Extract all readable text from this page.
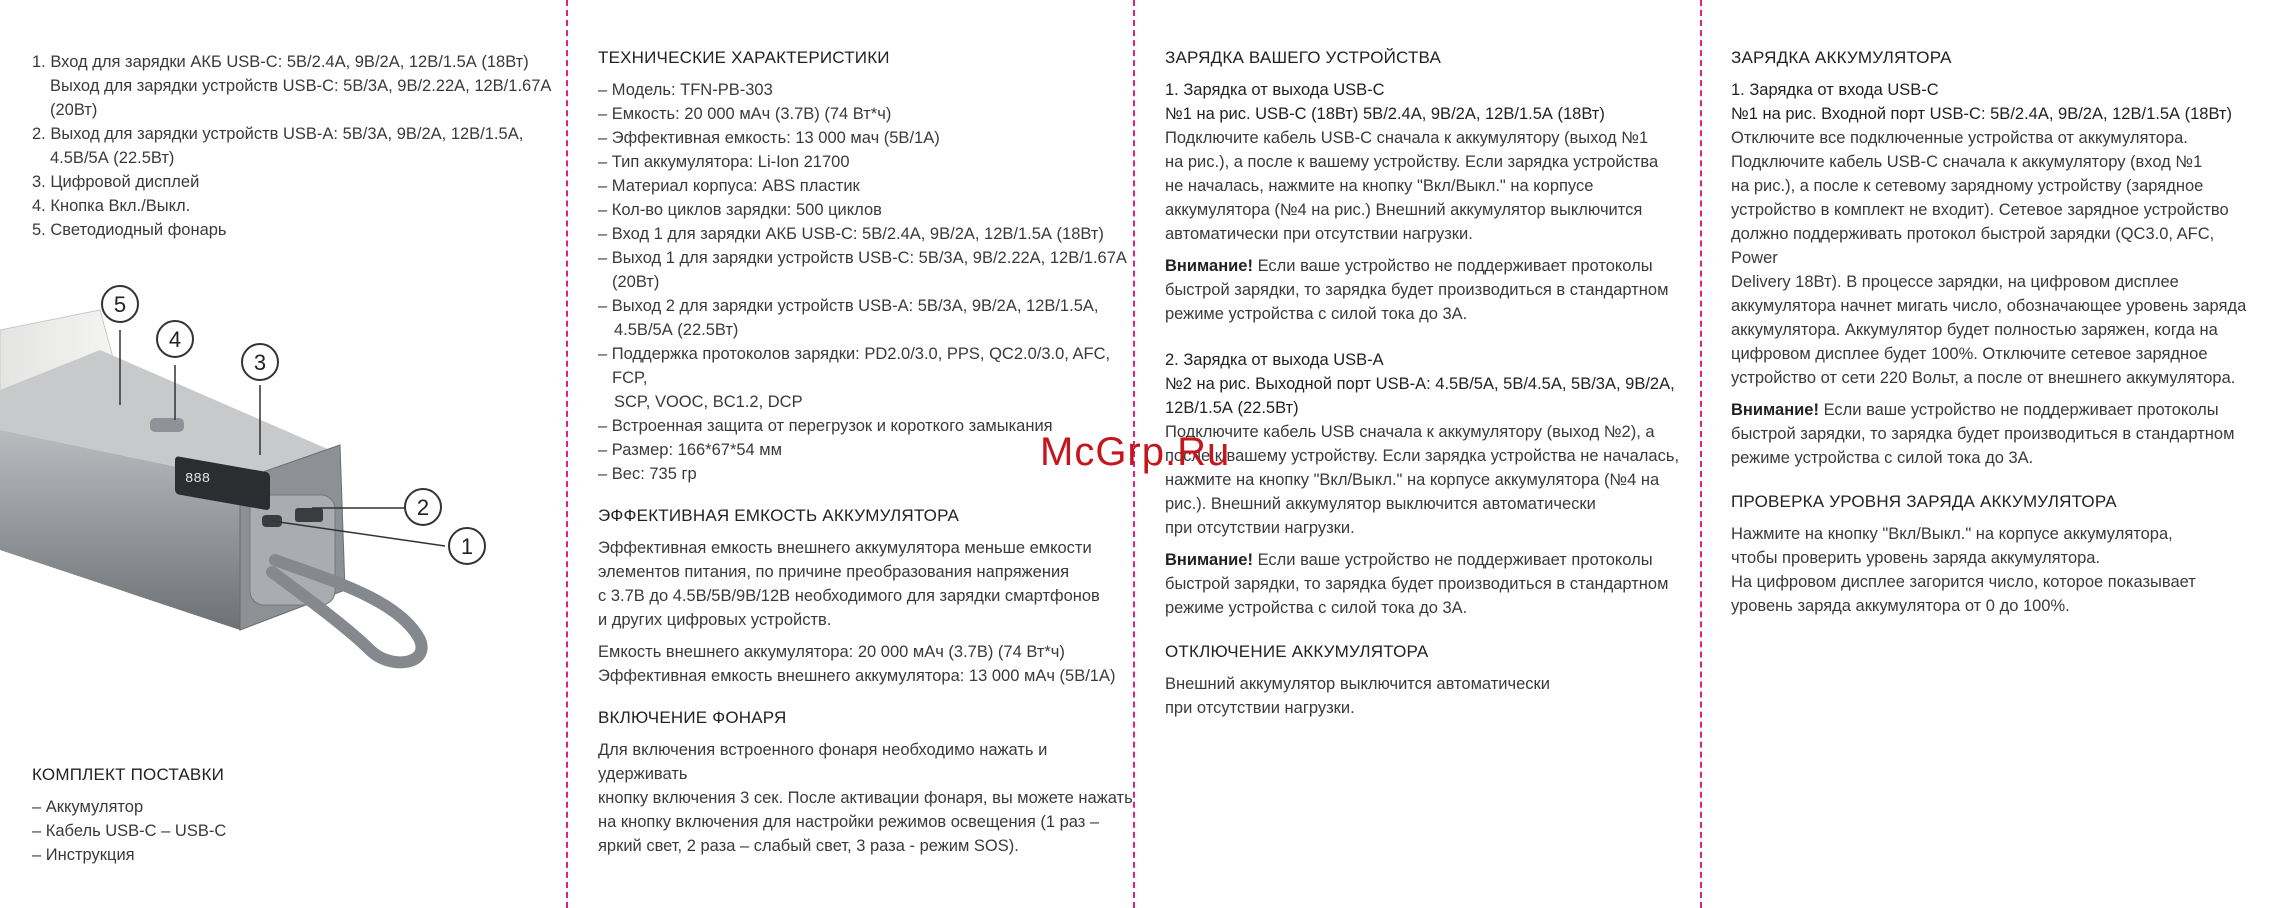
1. Вход для зарядки АКБ USB-C: 5В/2.4А, 9В/2А, 12В/1.5А (18Вт)
Выход для зарядки устройств USB-C: 5В/3А, 9В/2.22А, 12В/1.67А (20Вт)
2. Выход для зарядки устройств USB-A: 5В/3А, 9В/2А, 12В/1.5А,
4.5В/5А (22.5Вт)
3. Цифровой дисплей
4. Кнопка Вкл./Выкл.
5. Светодиодный фонарь
888
5
4
3
2
1
КОМПЛЕКТ ПОСТАВКИ
– Аккумулятор
– Кабель USB-C – USB-C
– Инструкция
ТЕХНИЧЕСКИЕ ХАРАКТЕРИСТИКИ
– Модель: TFN-PB-303
– Емкость: 20 000 мАч (3.7В) (74 Вт*ч)
– Эффективная емкость: 13 000 мач (5В/1А)
– Тип аккумулятора: Li-Ion 21700
– Материал корпуса: ABS пластик
– Кол-во циклов зарядки: 500 циклов
– Вход 1 для зарядки АКБ USB-C: 5В/2.4А, 9В/2А, 12В/1.5А (18Вт)
– Выход 1 для зарядки устройств USB-C: 5В/3А, 9В/2.22А, 12В/1.67А (20Вт)
– Выход 2 для зарядки устройств USB-A: 5В/3А, 9В/2А, 12В/1.5А,
4.5В/5А (22.5Вт)
– Поддержка протоколов зарядки: PD2.0/3.0, PPS, QC2.0/3.0, AFC, FCP,
SCP, VOOC, BC1.2, DCP
– Встроенная защита от перегрузок и короткого замыкания
– Размер: 166*67*54 мм
– Вес: 735 гр
ЭФФЕКТИВНАЯ ЕМКОСТЬ АККУМУЛЯТОРА

Эффективная емкость внешнего аккумулятора меньше емкости

элементов питания, по причине преобразования напряжения

с 3.7В до 4.5В/5В/9В/12В необходимого для зарядки смартфонов

и других цифровых устройств.

Емкость внешнего аккумулятора: 20 000 мАч (3.7В) (74 Вт*ч)

Эффективная емкость внешнего аккумулятора: 13 000 мАч (5В/1А)

ВКЛЮЧЕНИЕ ФОНАРЯ

Для включения встроенного фонаря необходимо нажать и удерживать

кнопку включения 3 сек. После активации фонаря, вы можете нажать

на кнопку включения для настройки режимов освещения (1 раз –

яркий свет, 2 раза – слабый свет, 3 раза - режим SOS).

ЗАРЯДКА ВАШЕГО УСТРОЙСТВА

1. Зарядка от выхода USB-C

№1 на рис. USB-C (18Вт) 5В/2.4А, 9В/2А, 12В/1.5А (18Вт)

Подключите кабель USB-C сначала к аккумулятору (выход №1

на рис.), а после к вашему устройству. Если зарядка устройства

не началась, нажмите на кнопку "Вкл/Выкл." на корпусе

аккумулятора (№4 на рис.) Внешний аккумулятор выключится

автоматически при отсутствии нагрузки.

Внимание! Если ваше устройство не поддерживает протоколы

быстрой зарядки, то зарядка будет производиться в стандартном

режиме устройства с силой тока до 3А.

2. Зарядка от выхода USB-A

№2 на рис. Выходной порт USB-A: 4.5В/5А, 5В/4.5А, 5В/3А, 9В/2А,

12В/1.5А (22.5Вт)

Подключите кабель USB сначала к аккумулятору (выход №2), а

после к вашему устройству. Если зарядка устройства не началась,

нажмите на кнопку "Вкл/Выкл." на корпусе аккумулятора (№4 на

рис.). Внешний аккумулятор выключится автоматически

при отсутствии нагрузки.

Внимание! Если ваше устройство не поддерживает протоколы

быстрой зарядки, то зарядка будет производиться в стандартном

режиме устройства с силой тока до 3А.

ОТКЛЮЧЕНИЕ АККУМУЛЯТОРА

Внешний аккумулятор выключится автоматически

при отсутствии нагрузки.

ЗАРЯДКА АККУМУЛЯТОРА

1. Зарядка от входа USB-C

№1 на рис. Входной порт USB-C: 5В/2.4А, 9В/2А, 12В/1.5А (18Вт)

Отключите все подключенные устройства от аккумулятора.

Подключите кабель USB-C сначала к аккумулятору (вход №1

на рис.), а после к сетевому зарядному устройству (зарядное

устройство в комплект не входит). Сетевое зарядное устройство

должно поддерживать протокол быстрой зарядки (QC3.0, AFC, Power

Delivery 18Вт). В процессе зарядки, на цифровом дисплее

аккумулятора начнет мигать число, обозначающее уровень заряда

аккумулятора. Аккумулятор будет полностью заряжен, когда на

цифровом дисплее будет 100%. Отключите сетевое зарядное

устройство от сети 220 Вольт, а после от внешнего аккумулятора.

Внимание! Если ваше устройство не поддерживает протоколы

быстрой зарядки, то зарядка будет производиться в стандартном

режиме устройства с силой тока до 3А.

ПРОВЕРКА УРОВНЯ ЗАРЯДА АККУМУЛЯТОРА

Нажмите на кнопку "Вкл/Выкл." на корпусе аккумулятора,

чтобы проверить уровень заряда аккумулятора.

На цифровом дисплее загорится число, которое показывает

уровень заряда аккумулятора от 0 до 100%.

McGrp.Ru
